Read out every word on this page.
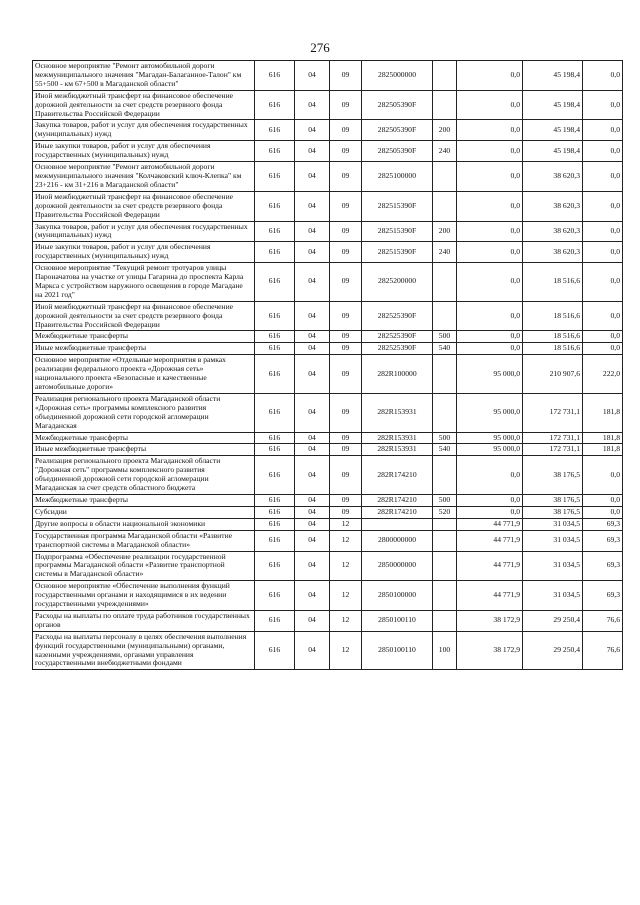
276
Основное мероприятие "Ремонт автомобильной дороги межмуниципального значения "Магадан-Балаганное-Талон" км 55+500 - км 67+500 в Магаданской области"	616	04	09	2825000000		0,0	45 198,4	0,0
Иной межбюджетный трансферт на финансовое обеспечение дорожной деятельности за счет средств резервного фонда Правительства Российской Федерации	616	04	09	282505390F		0,0	45 198,4	0,0
Закупка товаров, работ и услуг для обеспечения государственных (муниципальных) нужд	616	04	09	282505390F	200	0,0	45 198,4	0,0
Иные закупки товаров, работ и услуг для обеспечения государственных (муниципальных) нужд	616	04	09	282505390F	240	0,0	45 198,4	0,0
Основное мероприятие "Ремонт автомобильной дороги межмуниципального значения "Колчаковский ключ-Клепка" км 23+216 - км 31+216 в Магаданской области"	616	04	09	2825100000		0,0	38 620,3	0,0
Иной межбюджетный трансферт на финансовое обеспечение дорожной деятельности за счет средств резервного фонда Правительства Российской Федерации	616	04	09	282515390F		0,0	38 620,3	0,0
Закупка товаров, работ и услуг для обеспечения государственных (муниципальных) нужд	616	04	09	282515390F	200	0,0	38 620,3	0,0
Иные закупки товаров, работ и услуг для обеспечения государственных (муниципальных) нужд	616	04	09	282515390F	240	0,0	38 620,3	0,0
Основное мероприятие "Текущий ремонт тротуаров улицы Пароначатова на участке от улицы Гагарина до проспекта Карла Маркса с устройством наружного освещения в городе Магадане на 2021 год"	616	04	09	2825200000		0,0	18 516,6	0,0
Иной межбюджетный трансферт на финансовое обеспечение дорожной деятельности за счет средств резервного фонда Правительства Российской Федерации	616	04	09	282525390F		0,0	18 516,6	0,0
Межбюджетные трансферты	616	04	09	282525390F	500	0,0	18 516,6	0,0
Иные межбюджетные трансферты	616	04	09	282525390F	540	0,0	18 516,6	0,0
Основное мероприятие «Отдельные мероприятия в рамках реализации федерального проекта «Дорожная сеть» национального проекта «Безопасные и качественные автомобильные дороги»	616	04	09	282R100000		95 000,0	210 907,6	222,0
Реализация регионального проекта Магаданской области «Дорожная сеть» программы комплексного развития объединенной дорожной сети городской агломерации Магаданская	616	04	09	282R153931		95 000,0	172 731,1	181,8
Межбюджетные трансферты	616	04	09	282R153931	500	95 000,0	172 731,1	181,8
Иные межбюджетные трансферты	616	04	09	282R153931	540	95 000,0	172 731,1	181,8
Реализация регионального проекта Магаданской области "Дорожная сеть" программы комплексного развития объединенной дорожной сети городской агломерации Магаданская за счет средств областного бюджета	616	04	09	282R174210		0,0	38 176,5	0,0
Межбюджетные трансферты	616	04	09	282R174210	500	0,0	38 176,5	0,0
Субсидии	616	04	09	282R174210	520	0,0	38 176,5	0,0
Другие вопросы в области национальной экономики	616	04	12			44 771,9	31 034,5	69,3
Государственная программа Магаданской области «Развитие транспортной системы в Магаданской области»	616	04	12	2800000000		44 771,9	31 034,5	69,3
Подпрограмма «Обеспечение реализации государственной программы Магаданской области «Развитие транспортной системы в Магаданской области»	616	04	12	2850000000		44 771,9	31 034,5	69,3
Основное мероприятие «Обеспечение выполнения функций государственными органами и находящимися в их ведении государственными учреждениями»	616	04	12	2850100000		44 771,9	31 034,5	69,3
Расходы на выплаты по оплате труда работников государственных органов	616	04	12	2850100110		38 172,9	29 250,4	76,6
Расходы на выплаты персоналу в целях обеспечения выполнения функций государственными (муниципальными) органами, казенными учреждениями, органами управления государственными внебюджетными фондами	616	04	12	2850100110	100	38 172,9	29 250,4	76,6
